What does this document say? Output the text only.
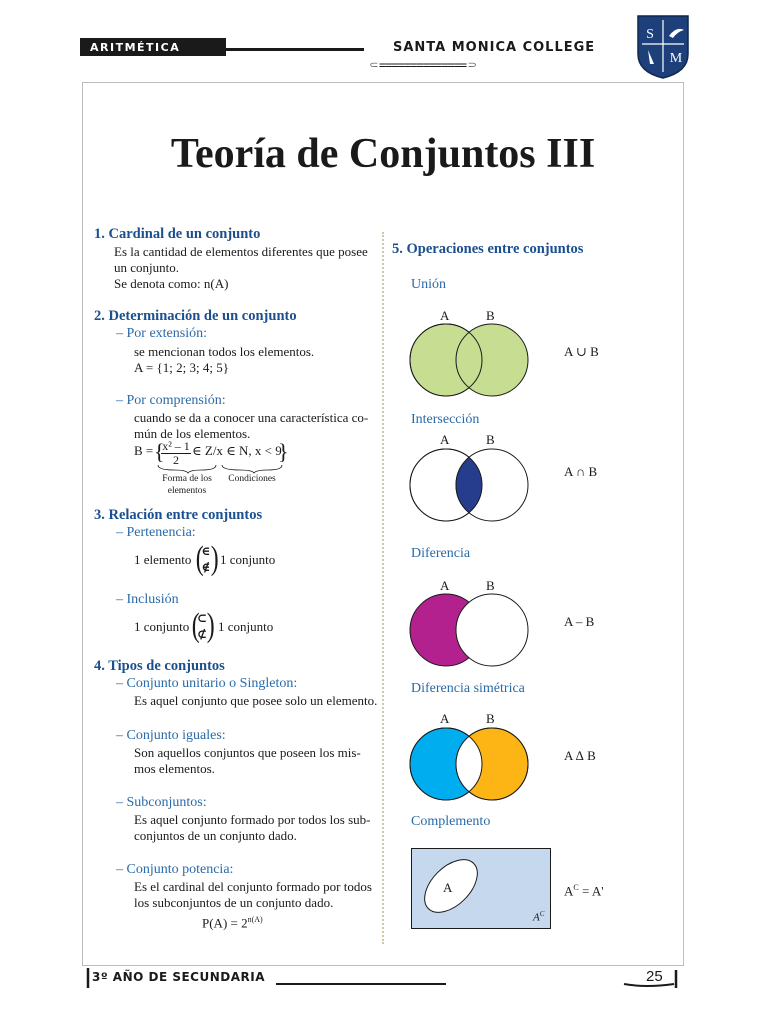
ARITMÉTICA	SANTA MONICA COLLEGE
⸦==============⸧
S
M
Teoría de Conjuntos III
1. Cardinal de un conjunto
Es la cantidad de elementos diferentes que posee
un conjunto.
Se denota como: n(A)
2. Determinación de un conjunto
– Por extensión:
se mencionan todos los elementos.
A = {1; 2; 3; 4; 5}
– Por comprensión:
cuando se da a conocer una característica co-
mún de los elementos.
B = {
$\frac{\text{x² – 1}}{2}$ ∈ Z/x ∈ N, x < 9
}
Forma de los elementos
Condiciones
3. Relación entre conjuntos
– Pertenencia:
1 elemento (
∈
∉ ) 1 conjunto
– Inclusión
1 conjunto (
⊂
⊄ ) 1 conjunto
4. Tipos de conjuntos
– Conjunto unitario o Singleton:
Es aquel conjunto que posee solo un elemento.
– Conjunto iguales:
Son aquellos conjuntos que poseen los mis-
mos elementos.
– Subconjuntos:
Es aquel conjunto formado por todos los sub-
conjuntos de un conjunto dado.
– Conjunto potencia:
Es el cardinal del conjunto formado por todos
los subconjuntos de un conjunto dado.
$P(A) = 2^{n(A)}$
5. Operaciones entre conjuntos
Unión
A	B
A ∪ B
Intersección
A	B
A ∩ B
Diferencia
A	B
A – B
Diferencia simétrica
A	B
A ∆ B
Complemento
A
$A^C$
$A^C = A'$
3º AÑO DE SECUNDARIA	25
